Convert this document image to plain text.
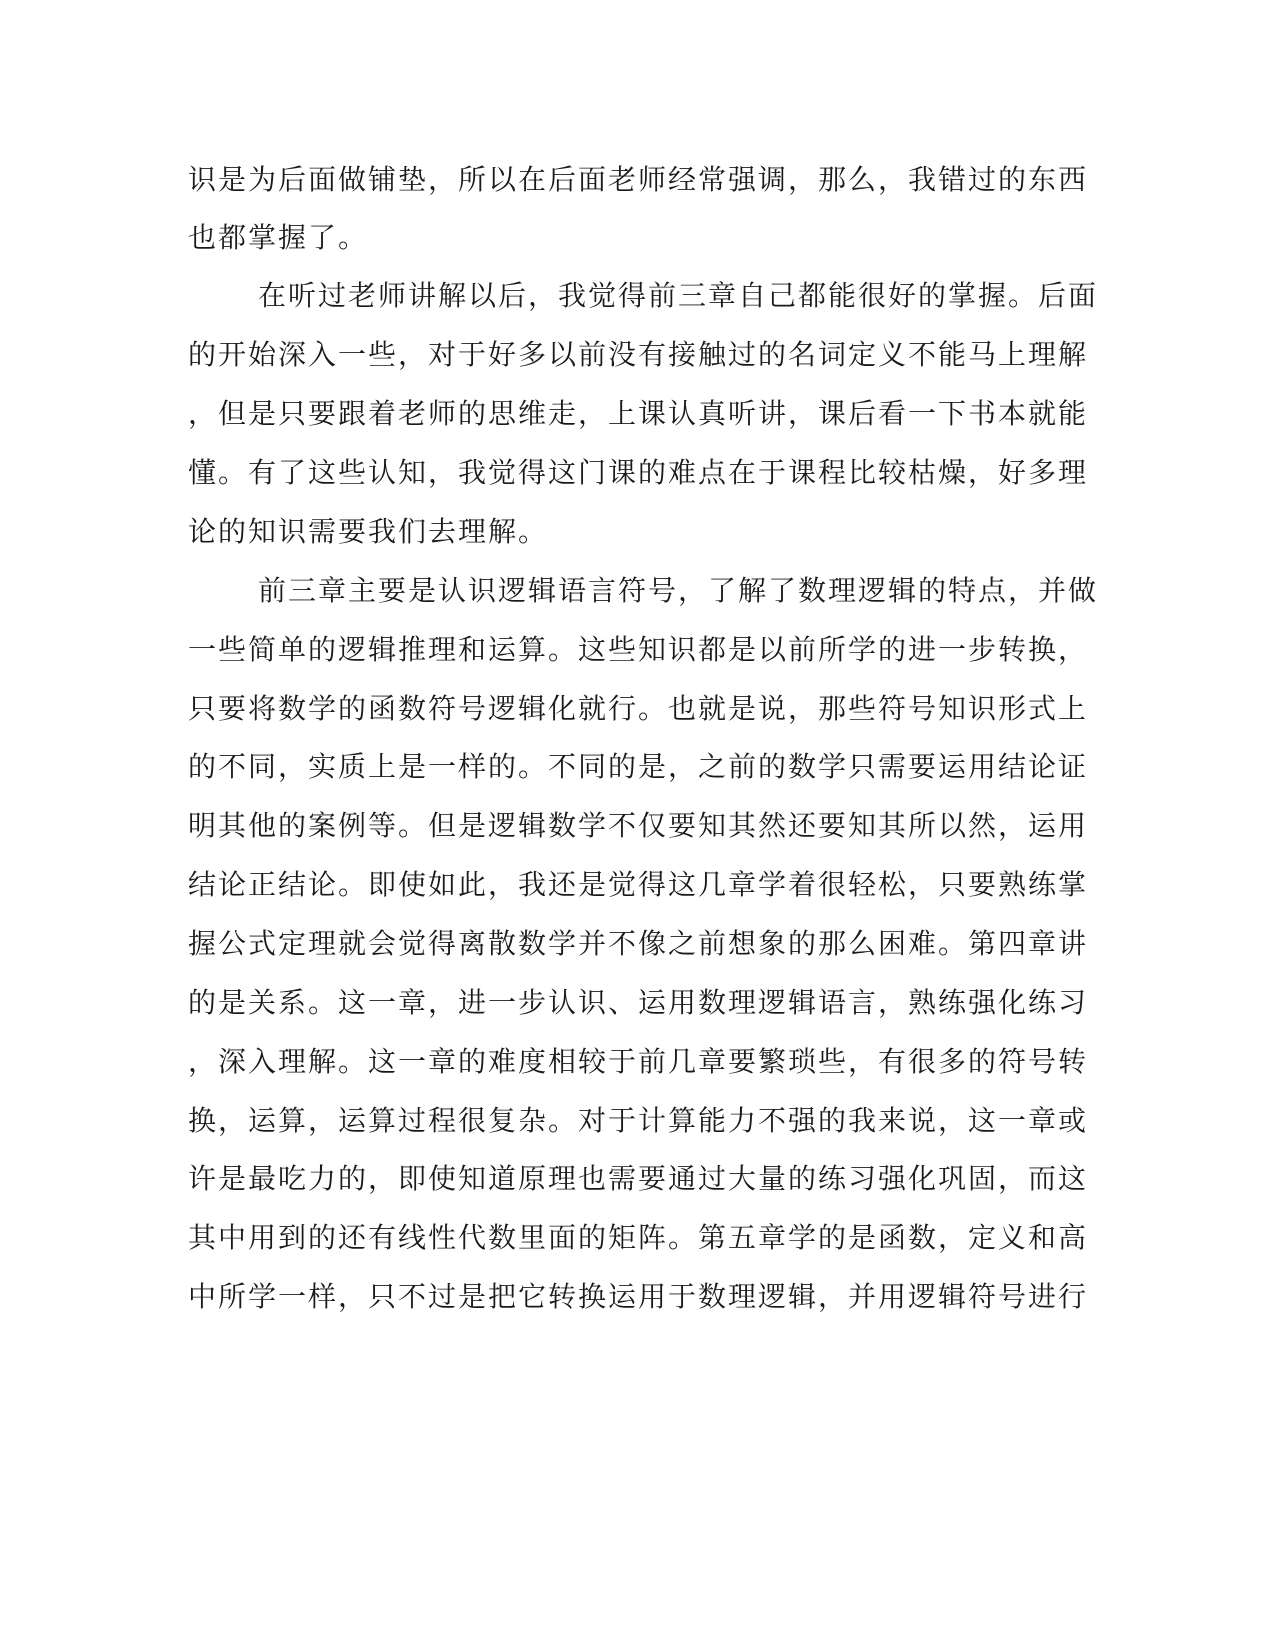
识是为后面做铺垫，所以在后面老师经常强调，那么，我错过的东西
也都掌握了。
在听过老师讲解以后，我觉得前三章自己都能很好的掌握。后面
的开始深入一些，对于好多以前没有接触过的名词定义不能马上理解
，但是只要跟着老师的思维走，上课认真听讲，课后看一下书本就能
懂。有了这些认知，我觉得这门课的难点在于课程比较枯燥，好多理
论的知识需要我们去理解。
前三章主要是认识逻辑语言符号，了解了数理逻辑的特点，并做
一些简单的逻辑推理和运算。这些知识都是以前所学的进一步转换，
只要将数学的函数符号逻辑化就行。也就是说，那些符号知识形式上
的不同，实质上是一样的。不同的是，之前的数学只需要运用结论证
明其他的案例等。但是逻辑数学不仅要知其然还要知其所以然，运用
结论正结论。即使如此，我还是觉得这几章学着很轻松，只要熟练掌
握公式定理就会觉得离散数学并不像之前想象的那么困难。第四章讲
的是关系。这一章，进一步认识、运用数理逻辑语言，熟练强化练习
，深入理解。这一章的难度相较于前几章要繁琐些，有很多的符号转
换，运算，运算过程很复杂。对于计算能力不强的我来说，这一章或
许是最吃力的，即使知道原理也需要通过大量的练习强化巩固，而这
其中用到的还有线性代数里面的矩阵。第五章学的是函数，定义和高
中所学一样，只不过是把它转换运用于数理逻辑，并用逻辑符号进行
